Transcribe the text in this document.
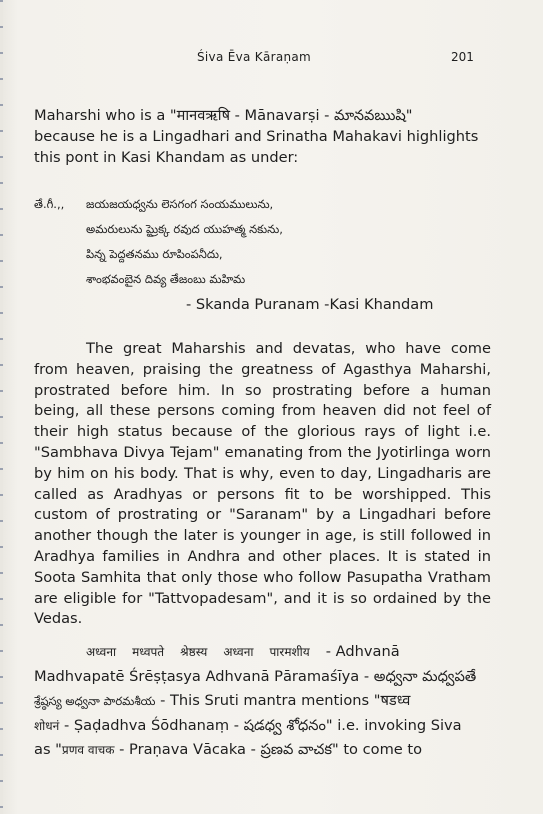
Śiva Ēva Kāraṇam	201
Maharshi who is a "मानवऋषि - Mānavarṣi - మానవఋషి"
because he is a Lingadhari and Srinatha Mahakavi highlights
this pont in Kasi Khandam as under:
తే.గీ.,, జయజయధ్వను లెసగంగ సంయములును,
అమరులును ప్రైుక్క రవుద యుహత్మ నకును,
పిన్న పెద్దతనము రూపింపనీదు,
శాంభవంబైన దివ్య తేజంబు మహిమ
- Skanda Puranam -Kasi Khandam
The great Maharshis and devatas, who have come from heaven, praising the greatness of Agasthya Maharshi, prostrated before him. In so prostrating before a human being, all these persons coming from heaven did not feel of their high status because of the glorious rays of light i.e. "Sambhava Divya Tejam" emanating from the Jyotirlinga worn by him on his body. That is why, even to day, Lingadharis are called as Aradhyas or persons fit to be worshipped. This custom of prostrating or "Saranam" by a Lingadhari before another though the later is younger in age, is still followed in Aradhya families in Andhra and other places. It is stated in Soota Samhita that only those who follow Pasupatha Vratham are eligible for "Tattvopadesam", and it is so ordained by the Vedas.
अध्वना मध्वपते श्रेष्ठस्य अध्वना पारमशीय - Adhvanā
Madhvapatē Śrēṣṭasya Adhvanā Pāramaśīya - అధ్వనా మధ్వపతే
శ్రేష్ఠస్య అధ్వనా పారమశీయ - This Sruti mantra mentions "षडध्व
शोधनं - Ṣaḍadhva Śōdhanaṃ - షడధ్వ శోధనం" i.e. invoking Siva
as "प्रणव वाचक - Praṇava Vācaka - ప్రణవ వాచక" to come to
